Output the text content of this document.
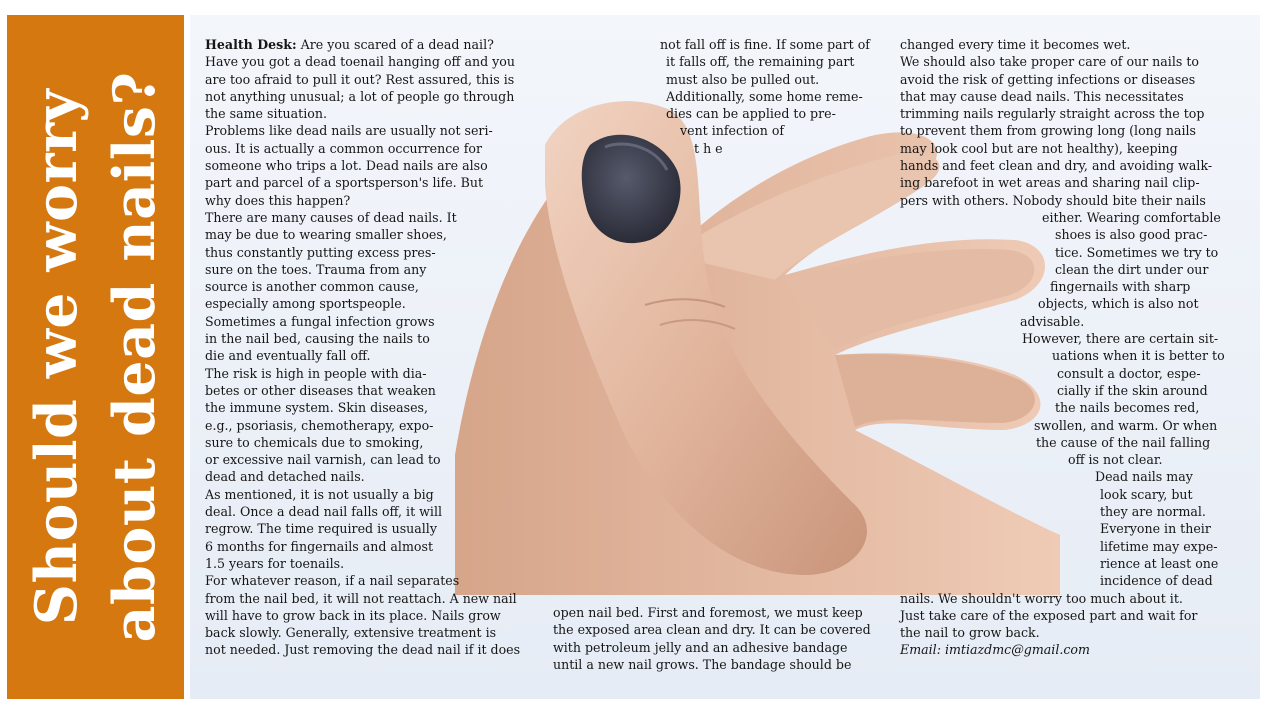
Should we worry
about dead nails?

Health Desk: Are you scared of a dead nail?

Have you got a dead toenail hanging off and you

are too afraid to pull it out? Rest assured, this is

not anything unusual; a lot of people go through

the same situation.

Problems like dead nails are usually not seri-

ous. It is actually a common occurrence for

someone who trips a lot. Dead nails are also

part and parcel of a sportsperson's life. But

why does this happen?

There are many causes of dead nails. It

may be due to wearing smaller shoes,

thus constantly putting excess pres-

sure on the toes. Trauma from any

source is another common cause,

especially among sportspeople.

Sometimes a fungal infection grows

in the nail bed, causing the nails to

die and eventually fall off.

The risk is high in people with dia-

betes or other diseases that weaken

the immune system. Skin diseases,

e.g., psoriasis, chemotherapy, expo-

sure to chemicals due to smoking,

or excessive nail varnish, can lead to

dead and detached nails.

As mentioned, it is not usually a big

deal. Once a dead nail falls off, it will

regrow. The time required is usually

6 months for fingernails and almost

1.5 years for toenails.

For whatever reason, if a nail separates

from the nail bed, it will not reattach. A new nail

will have to grow back in its place. Nails grow

back slowly. Generally, extensive treatment is

not needed. Just removing the dead nail if it does

not fall off is fine. If some part of

it falls off, the remaining part

must also be pulled out.

Additionally, some home reme-

dies can be applied to pre-

vent infection of

t h e

open nail bed. First and foremost, we must keep

the exposed area clean and dry. It can be covered

with petroleum jelly and an adhesive bandage

until a new nail grows. The bandage should be

changed every time it becomes wet.

We should also take proper care of our nails to

avoid the risk of getting infections or diseases

that may cause dead nails. This necessitates

trimming nails regularly straight across the top

to prevent them from growing long (long nails

may look cool but are not healthy), keeping

hands and feet clean and dry, and avoiding walk-

ing barefoot in wet areas and sharing nail clip-

pers with others. Nobody should bite their nails

either. Wearing comfortable

shoes is also good prac-

tice. Sometimes we try to

clean the dirt under our

fingernails with sharp

objects, which is also not

advisable.

However, there are certain sit-

uations when it is better to

consult a doctor, espe-

cially if the skin around

the nails becomes red,

swollen, and warm. Or when

the cause of the nail falling

off is not clear.

Dead nails may

look scary, but

they are normal.

Everyone in their

lifetime may expe-

rience at least one

incidence of dead

nails. We shouldn't worry too much about it.

Just take care of the exposed part and wait for

the nail to grow back.

Email: imtiazdmc@gmail.com
